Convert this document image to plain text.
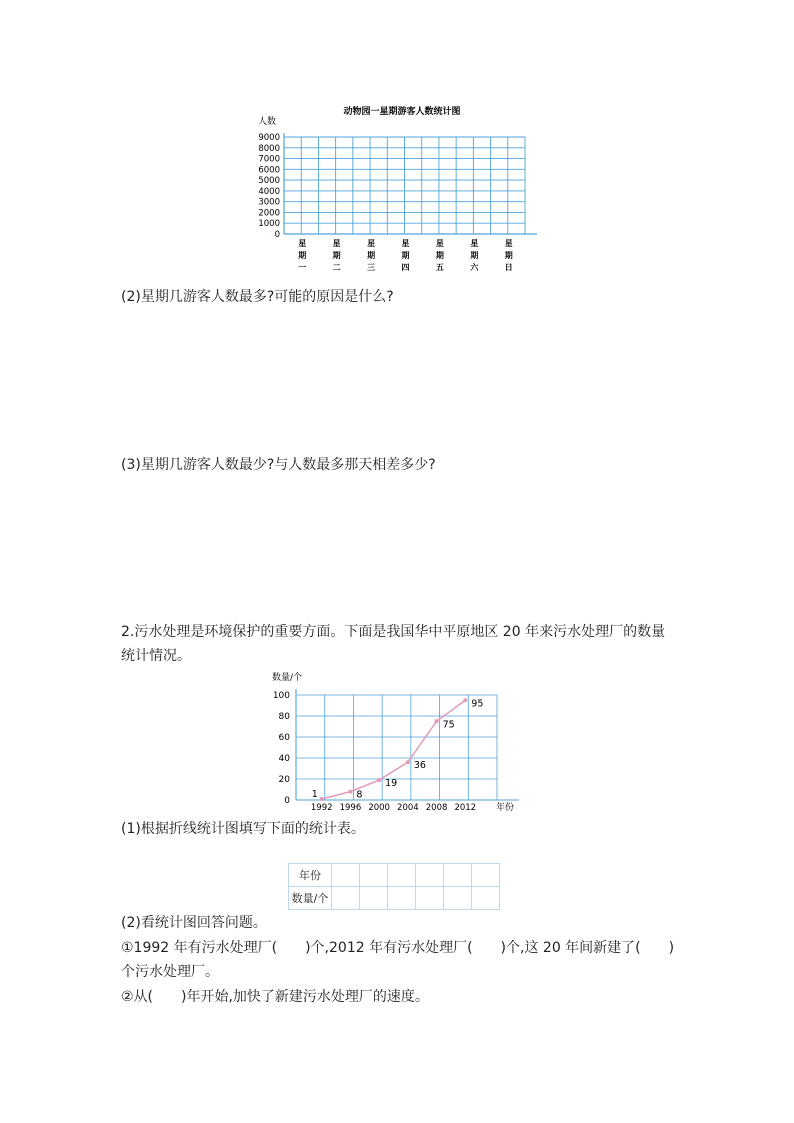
动物园一星期游客人数统计图
人数
9000
8000
7000
6000
5000
4000
3000
2000
1000
0
星
期
一
星
期
二
星
期
三
星
期
四
星
期
五
星
期
六
星
期
日
(2)星期几游客人数最多?可能的原因是什么?
(3)星期几游客人数最少?与人数最多那天相差多少?
2.污水处理是环境保护的重要方面。下面是我国华中平原地区 20 年来污水处理厂的数量统计情况。
数量/个
年份
100
80
60
40
20
0
1992 1996 2000 2004 2008 2012
1	8
19
36
75
95
(1)根据折线统计图填写下面的统计表。
年份						
数量/个						
(2)看统计图回答问题。
①1992 年有污水处理厂(　　)个,2012 年有污水处理厂(　　)个,这 20 年间新建了(　　)个污水处理厂。
②从(　　)年开始,加快了新建污水处理厂的速度。
